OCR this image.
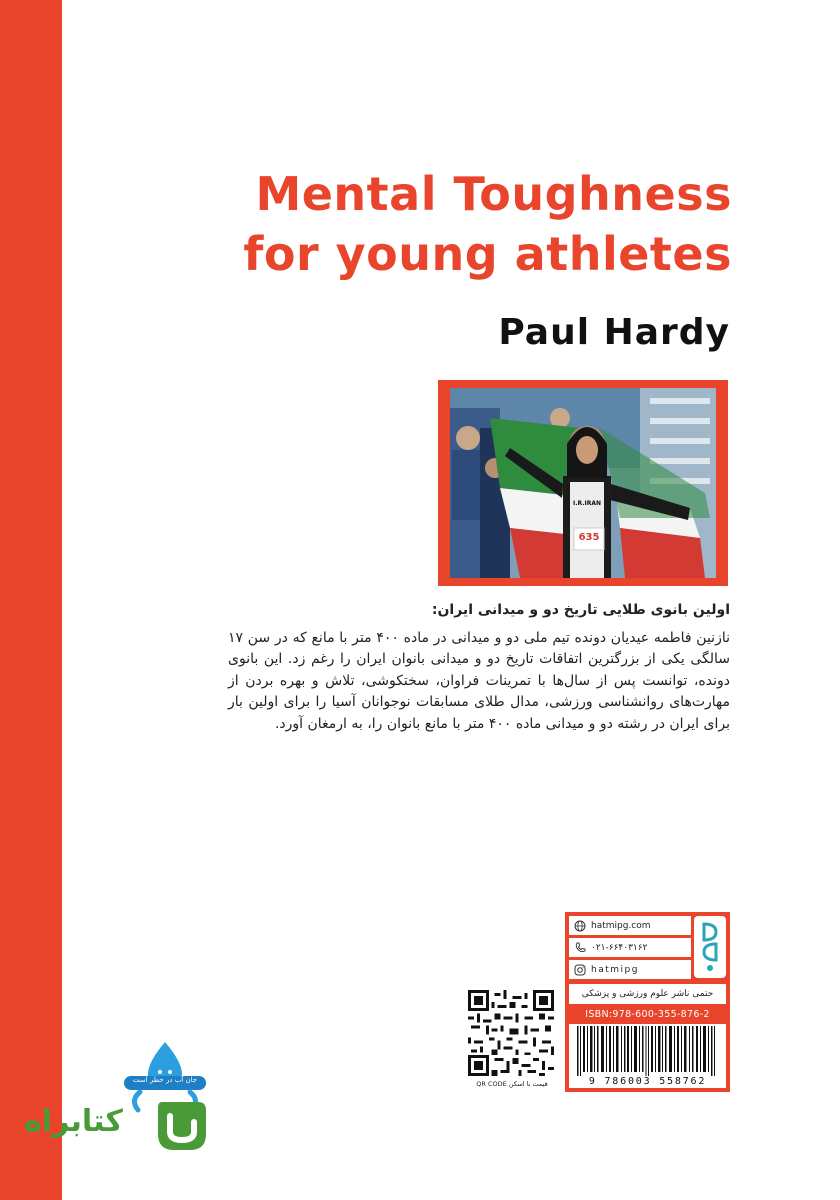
Mental Toughness
for young athletes
Paul Hardy
I.R.IRAN
635
اولین بانوی طلایی تاریخ دو و میدانی ایران:

نازنین فاطمه عیدیان دونده تیم ملی دو و میدانی در ماده ۴۰۰ متر با مانع که در سن ۱۷ سالگی یکی از بزرگترین اتفاقات تاریخ دو و میدانی بانوان ایران را رغم زد. این بانوی دونده، توانست پس از سال‌ها با تمرینات فراوان، سختکوشی، تلاش و بهره بردن از مهارت‌های روانشناسی ورزشی، مدال طلای مسابقات نوجوانان آسیا را برای اولین بار برای ایران در رشته دو و میدانی ماده ۴۰۰ متر با مانع بانوان را، به ارمغان آورد.

قیمت با اسکن QR CODE
hatmipg.com
۰۲۱-۶۶۴۰۳۱۶۲
hatmipg
حتمی ناشر علوم ورزشی و پزشکی
ISBN:978-600-355-876-2
9 786003 558762
جان آب در خطر است
کتابراه
